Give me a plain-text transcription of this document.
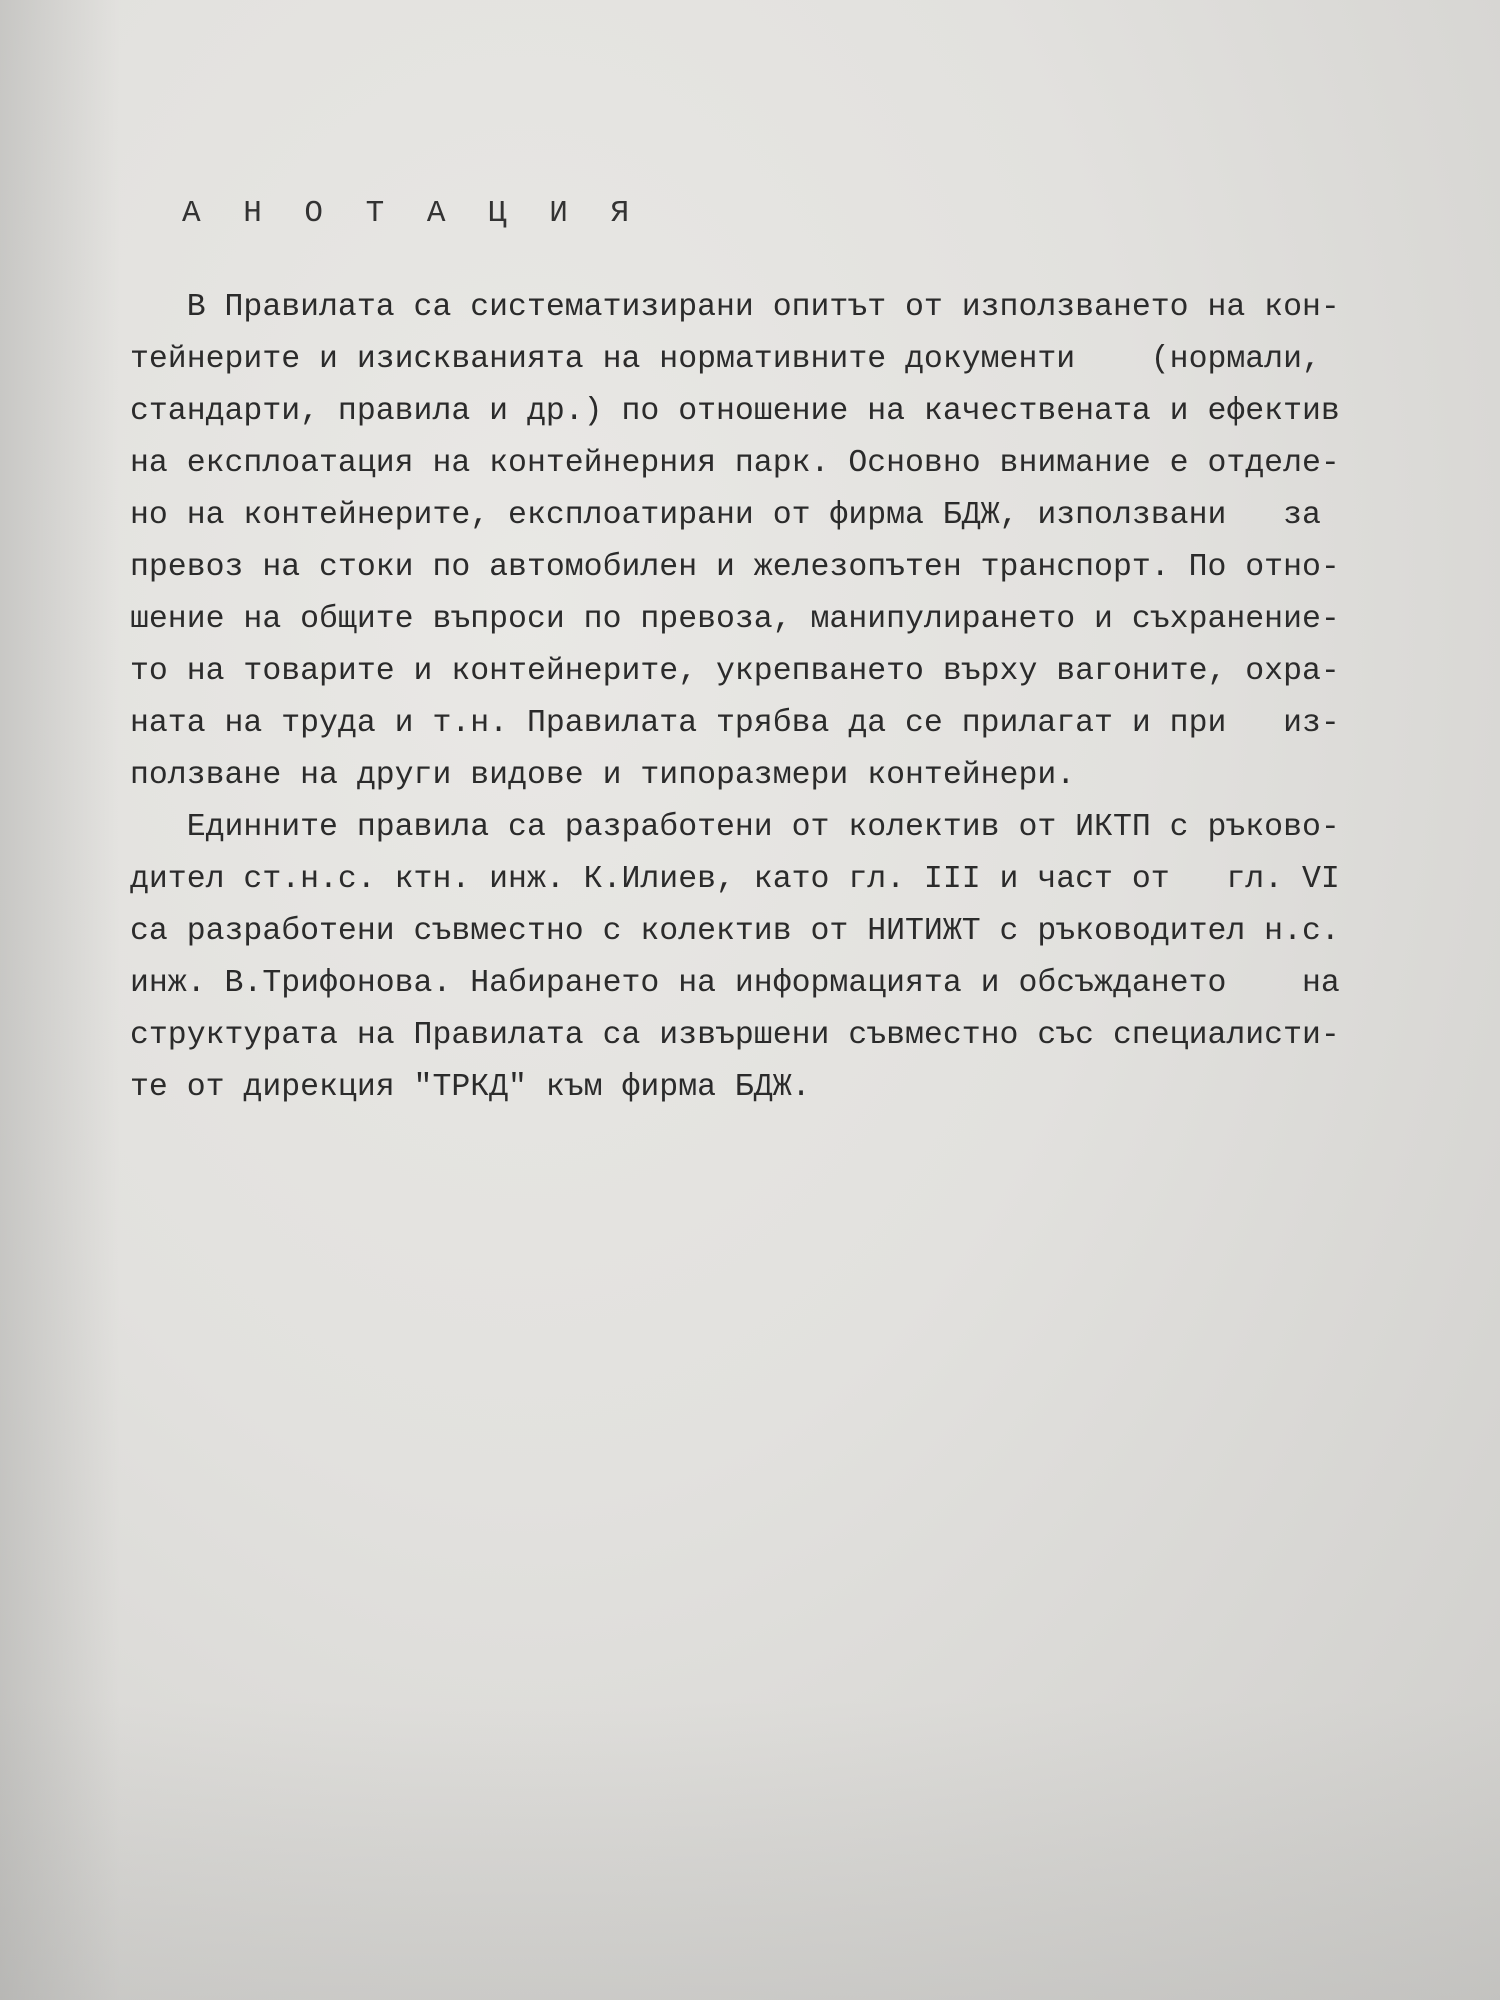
А Н О Т А Ц И Я
В Правилата са систематизирани опитът от използването на кон-
тейнерите и изискванията на нормативните документи    (нормали,
стандарти, правила и др.) по отношение на качествената и ефектив
на експлоатация на контейнерния парк. Основно внимание е отделе-
но на контейнерите, експлоатирани от фирма БДЖ, използвани   за
превоз на стоки по автомобилен и железопътен транспорт. По отно-
шение на общите въпроси по превоза, манипулирането и съхранение-
то на товарите и контейнерите, укрепването върху вагоните, охра-
ната на труда и т.н. Правилата трябва да се прилагат и при   из-
ползване на други видове и типоразмери контейнери.
Единните правила са разработени от колектив от ИКТП с ръково-
дител ст.н.с. ктн. инж. К.Илиев, като гл. III и част от   гл. VI
са разработени съвместно с колектив от НИТИЖТ с ръководител н.с.
инж. В.Трифонова. Набирането на информацията и обсъждането    на
структурата на Правилата са извършени съвместно със специалисти-
те от дирекция "ТРКД" към фирма БДЖ.
